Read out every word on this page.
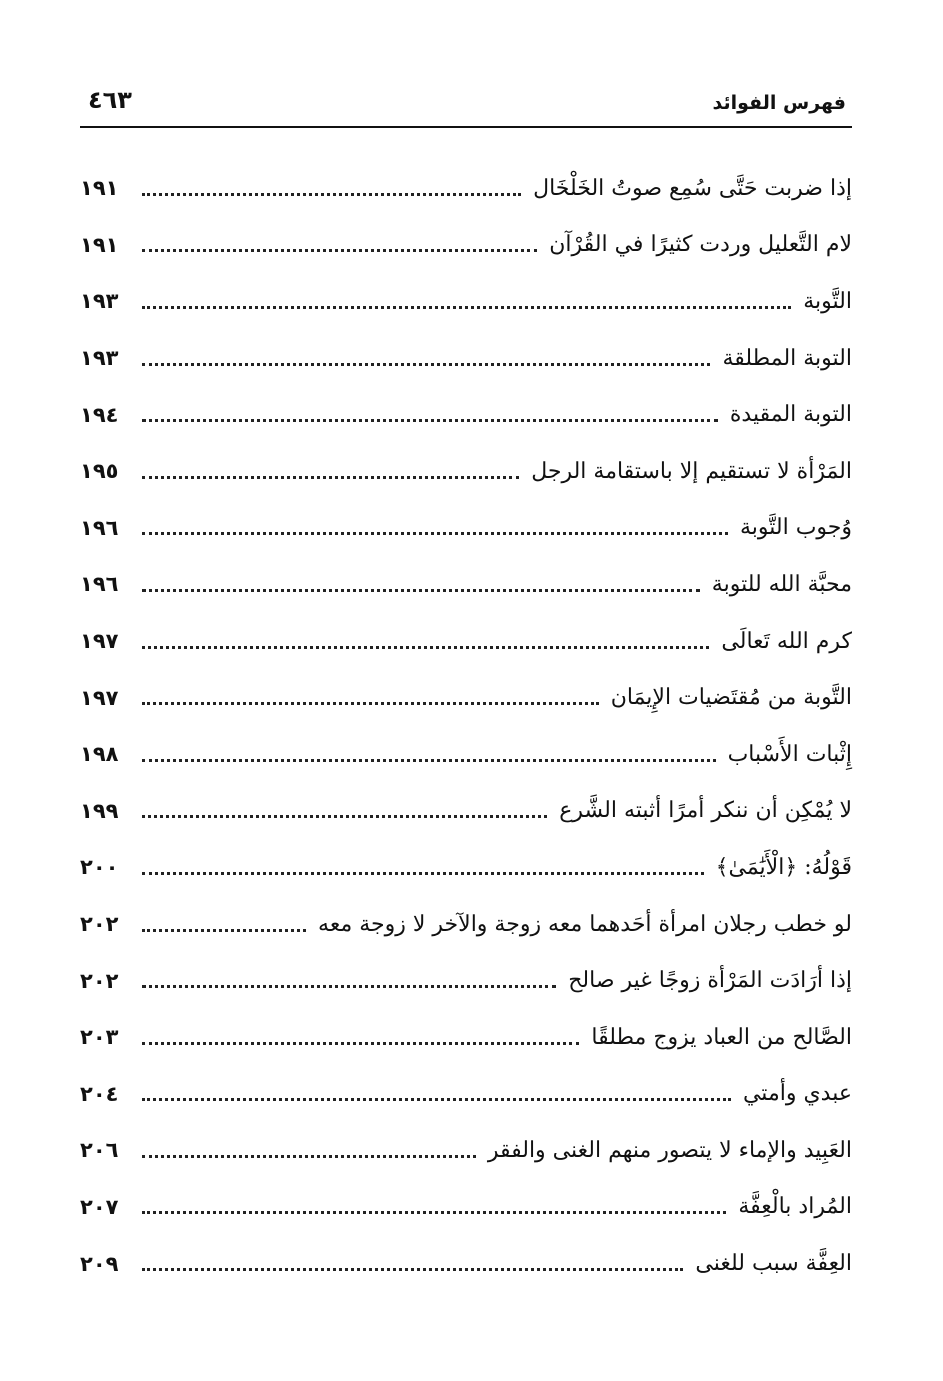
فهرس الفوائد
٤٦٣
إذا ضربت حَتَّى سُمِع صوتُ الخَلْخَال
١٩١
لام التَّعليل وردت كثيرًا في القُرْآن
١٩١
التَّوبة
١٩٣
التوبة المطلقة
١٩٣
التوبة المقيدة
١٩٤
المَرْأة لا تستقيم إلا باستقامة الرجل
١٩٥
وُجوب التَّوبة
١٩٦
محبَّة الله للتوبة
١٩٦
كرم الله تَعالَى
١٩٧
التَّوبة من مُقتَضيات الإِيمَان
١٩٧
إِثْبات الأَسْباب
١٩٨
لا يُمْكِن أن ننكر أمرًا أثبته الشَّرع
١٩٩
قَوْلُهُ: ﴿الْأَيَٰمَىٰ﴾
٢٠٠
لو خطب رجلان امرأة أحَدهما معه زوجة والآخر لا زوجة معه
٢٠٢
إذا أرَادَت المَرْأة زوجًا غير صالح
٢٠٢
الصَّالح من العباد يزوج مطلقًا
٢٠٣
عبدي وأمتي
٢٠٤
العَبِيد والإماء لا يتصور منهم الغنى والفقر
٢٠٦
المُراد بالْعِفَّة
٢٠٧
العِفَّة سبب للغنى
٢٠٩
